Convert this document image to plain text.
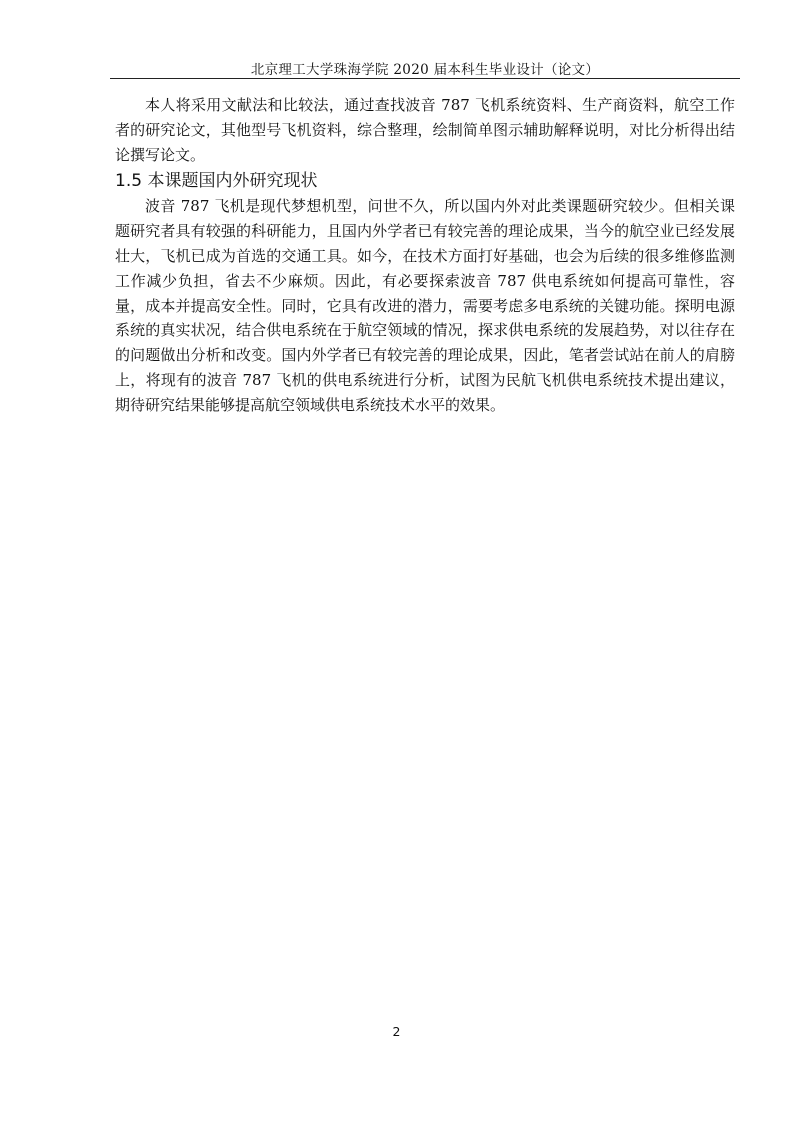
北京理工大学珠海学院 2020 届本科生毕业设计（论文）

本人将采用文献法和比较法，通过查找波音 787 飞机系统资料、生产商资料，航空工作者的研究论文，其他型号飞机资料，综合整理，绘制简单图示辅助解释说明，对比分析得出结论撰写论文。

1.5 本课题国内外研究现状

波音 787 飞机是现代梦想机型，问世不久，所以国内外对此类课题研究较少。但相关课题研究者具有较强的科研能力，且国内外学者已有较完善的理论成果，当今的航空业已经发展壮大，飞机已成为首选的交通工具。如今，在技术方面打好基础，也会为后续的很多维修监测工作减少负担，省去不少麻烦。因此，有必要探索波音 787 供电系统如何提高可靠性，容量，成本并提高安全性。同时，它具有改进的潜力，需要考虑多电系统的关键功能。探明电源系统的真实状况，结合供电系统在于航空领域的情况，探求供电系统的发展趋势，对以往存在的问题做出分析和改变。国内外学者已有较完善的理论成果，因此，笔者尝试站在前人的肩膀上，将现有的波音 787 飞机的供电系统进行分析，试图为民航飞机供电系统技术提出建议，期待研究结果能够提高航空领域供电系统技术水平的效果。

2
